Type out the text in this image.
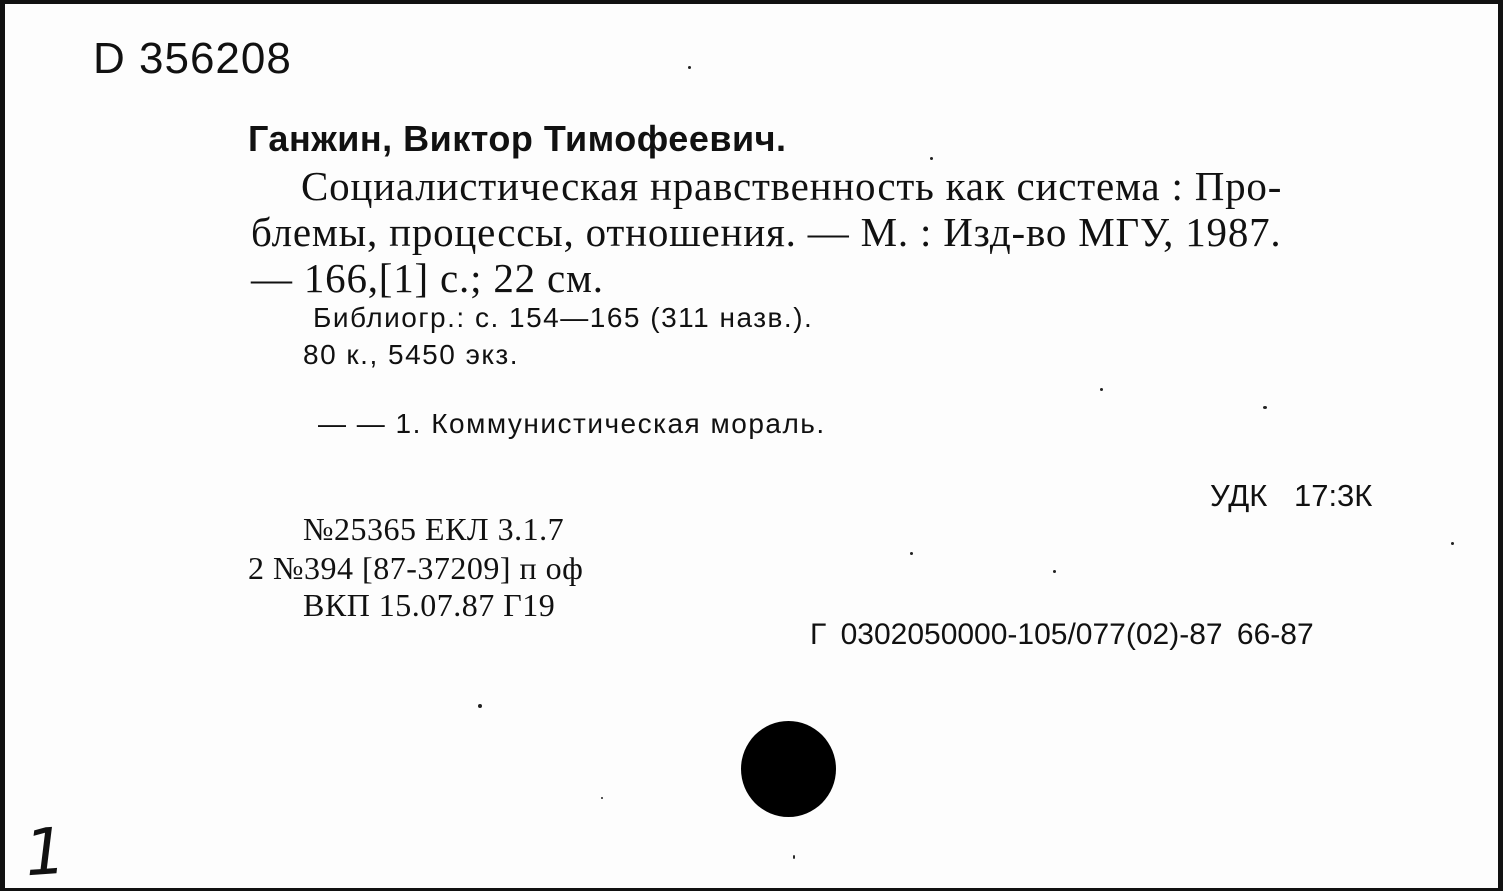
D 356208
Ганжин, Виктор Тимофеевич.
Социалистическая нравственность как система : Про-
блемы, процессы, отношения. — М. : Изд-во МГУ, 1987.
— 166,[1] с.; 22 см.
Библиогр.: с. 154—165 (311 назв.).
80 к., 5450 экз.
— — 1. Коммунистическая мораль.
УДК 17:3К
№25365 ЕКЛ 3.1.7
2 №394 [87-37209] п оф
ВКП 15.07.87 Г19
Г 0302050000-105/077(02)-87 66-87
1
